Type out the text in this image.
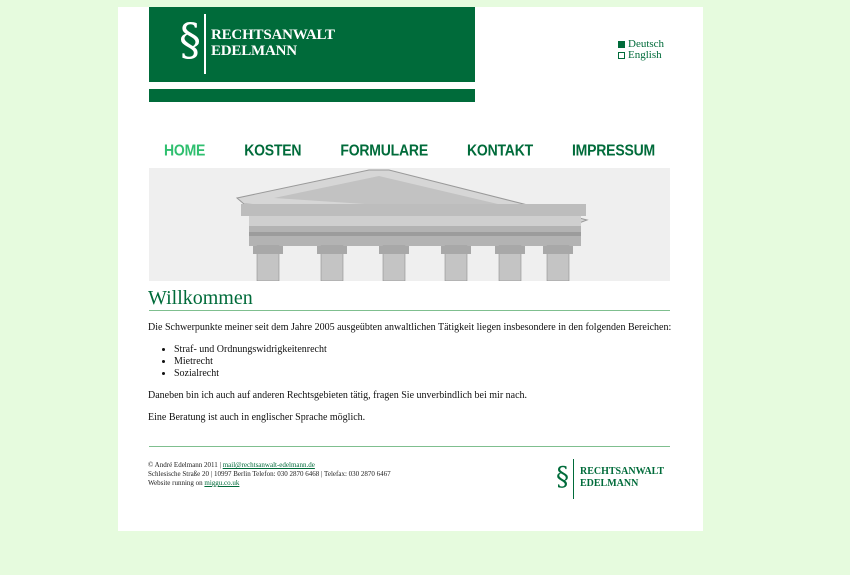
§ RECHTSANWALT
EDELMANN	Deutsch
English
HOME	KOSTEN	FORMULARE	KONTAKT	IMPRESSUM
Willkommen

Die Schwerpunkte meiner seit dem Jahre 2005 ausgeübten anwaltlichen Tätigkeit liegen insbesondere in den folgenden Bereichen:

• Straf- und Ordnungswidrigkeitenrecht
• Mietrecht
• Sozialrecht

Daneben bin ich auch auf anderen Rechtsgebieten tätig, fragen Sie unverbindlich bei mir nach.

Eine Beratung ist auch in englischer Sprache möglich.

© André Edelmann 2011 | mail@rechtsanwalt-edelmann.de
Schlesische Straße 20 | 10997 Berlin Telefon: 030 2870 6468 | Telefax: 030 2870 6467
Website running on miggu.co.uk	§ RECHTSANWALT
EDELMANN
